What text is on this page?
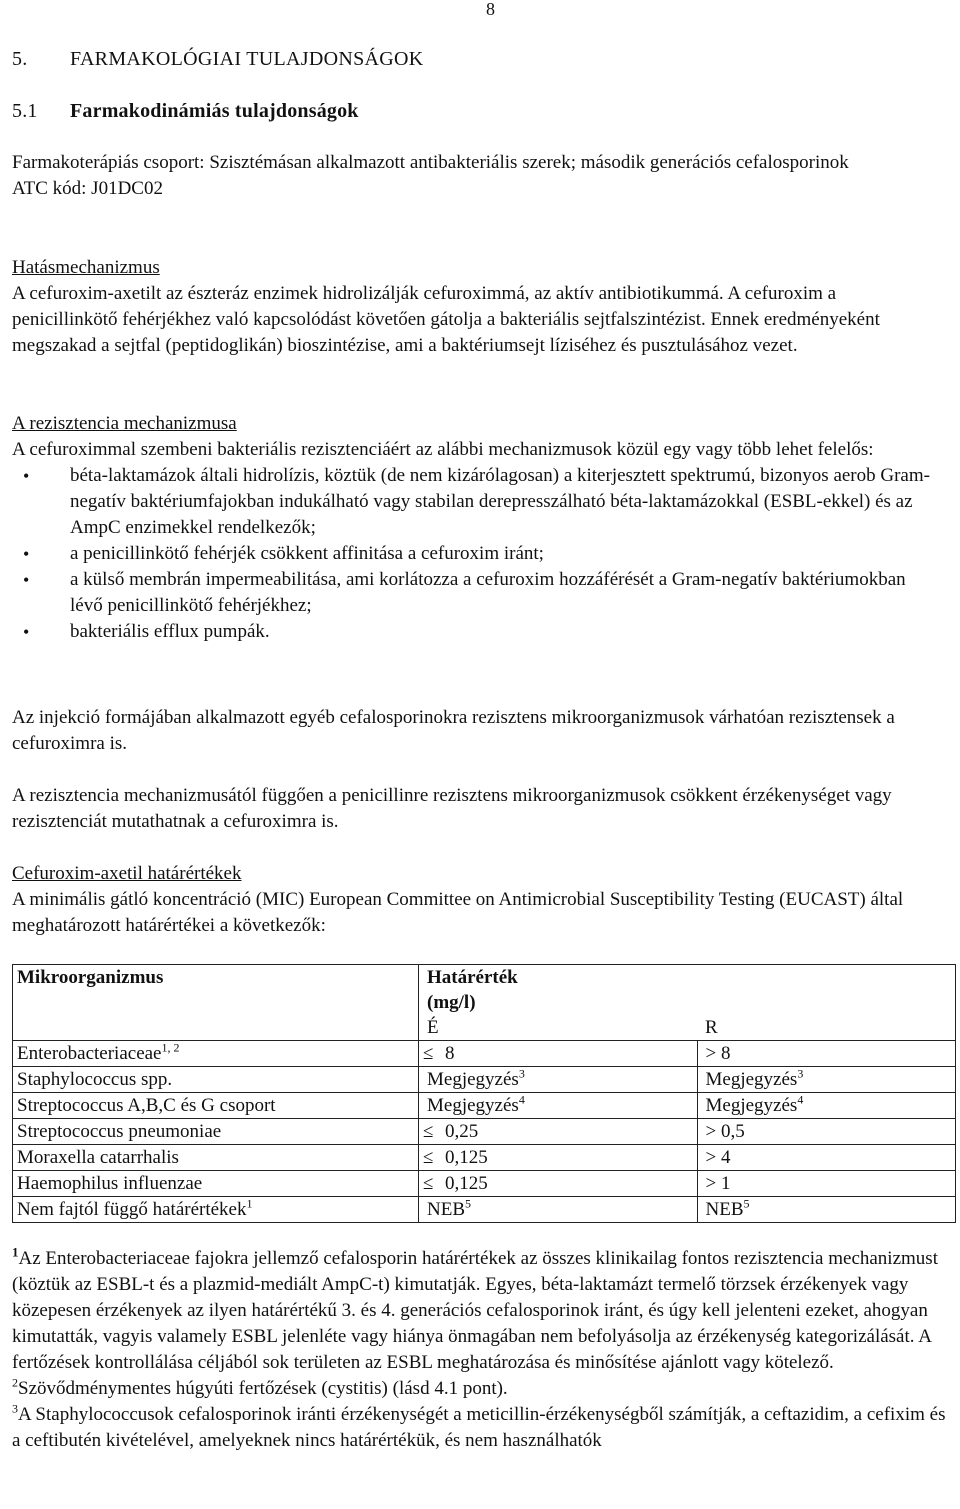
8
5. FARMAKOLÓGIAI TULAJDONSÁGOK
5.1 Farmakodinámiás tulajdonságok

Farmakoterápiás csoport: Szisztémásan alkalmazott antibakteriális szerek; második generációs cefalosporinok

ATC kód: J01DC02

Hatásmechanizmus

A cefuroxim-axetilt az észteráz enzimek hidrolizálják cefuroximmá, az aktív antibiotikummá. A cefuroxim a penicillinkötő fehérjékhez való kapcsolódást követően gátolja a bakteriális sejtfalszintézist. Ennek eredményeként megszakad a sejtfal (peptidoglikán) bioszintézise, ami a baktériumsejt líziséhez és pusztulásához vezet.

A rezisztencia mechanizmusa

A cefuroximmal szembeni bakteriális rezisztenciáért az alábbi mechanizmusok közül egy vagy több lehet felelős:

• béta-laktamázok általi hidrolízis, köztük (de nem kizárólagosan) a kiterjesztett spektrumú, bizonyos aerob Gram-negatív baktériumfajokban indukálható vagy stabilan derepresszálható béta-laktamázokkal (ESBL-ekkel) és az AmpC enzimekkel rendelkezők;
• a penicillinkötő fehérjék csökkent affinitása a cefuroxim iránt;
• a külső membrán impermeabilitása, ami korlátozza a cefuroxim hozzáférését a Gram-negatív baktériumokban lévő penicillinkötő fehérjékhez;
• bakteriális efflux pumpák.

Az injekció formájában alkalmazott egyéb cefalosporinokra rezisztens mikroorganizmusok várhatóan rezisztensek a cefuroximra is.

A rezisztencia mechanizmusától függően a penicillinre rezisztens mikroorganizmusok csökkent érzékenységet vagy rezisztenciát mutathatnak a cefuroximra is.

Cefuroxim-axetil határértékek

A minimális gátló koncentráció (MIC) European Committee on Antimicrobial Susceptibility Testing (EUCAST) által meghatározott határértékei a következők:

Mikroorganizmus	Határérték (mg/l)	
	É	R
Enterobacteriaceae$^{1, 2}$	≤ 8	> 8
Staphylococcus spp.	Megjegyzés$^3$	Megjegyzés$^3$
Streptococcus A,B,C és G csoport	Megjegyzés$^4$	Megjegyzés$^4$
Streptococcus pneumoniae	≤ 0,25	> 0,5
Moraxella catarrhalis	≤ 0,125	> 4
Haemophilus influenzae	≤ 0,125	> 1
Nem fajtól függő határértékek$^1$	NEB$^5$	NEB$^5$

$^1$Az Enterobacteriaceae fajokra jellemző cefalosporin határértékek az összes klinikailag fontos rezisztencia mechanizmust (köztük az ESBL-t és a plazmid-mediált AmpC-t) kimutatják. Egyes, béta-laktamázt termelő törzsek érzékenyek vagy közepesen érzékenyek az ilyen határértékű 3. és 4. generációs cefalosporinok iránt, és úgy kell jelenteni ezeket, ahogyan kimutatták, vagyis valamely ESBL jelenléte vagy hiánya önmagában nem befolyásolja az érzékenység kategorizálását. A fertőzések kontrollálása céljából sok területen az ESBL meghatározása és minősítése ajánlott vagy kötelező.

$^2$Szövődménymentes húgyúti fertőzések (cystitis) (lásd 4.1 pont).

$^3$A Staphylococcusok cefalosporinok iránti érzékenységét a meticillin-érzékenységből számítják, a ceftazidim, a cefixim és a ceftibutén kivételével, amelyeknek nincs határértékük, és nem használhatók
